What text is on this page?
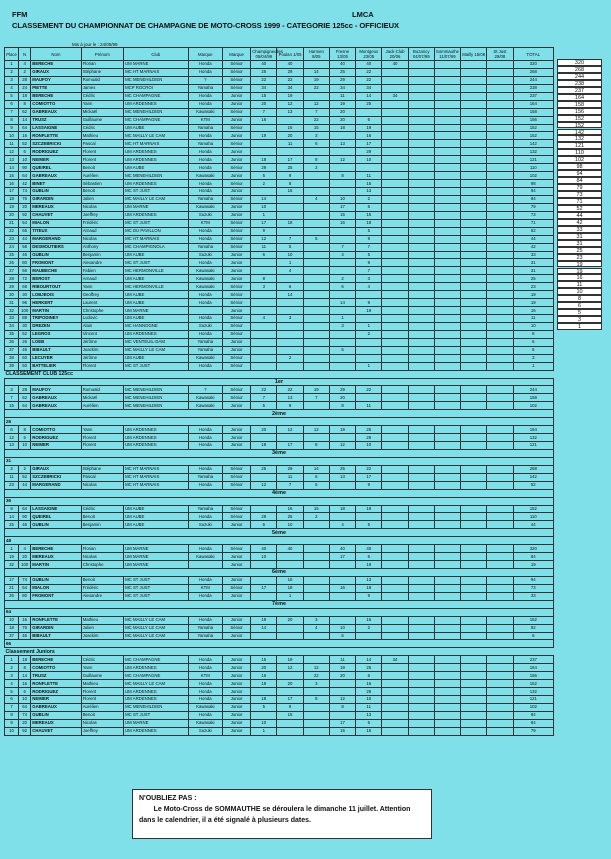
FFM	LMCA
CLASSEMENT DU CHAMPIONNAT DE CHAMPAGNE DE MOTO-CROSS 1999 - CATEGORIE 125cc - OFFICIEUX
Mis à jour le : 24/05/99
Place	N	Nom	Prénom	Club	Marque	Marque	Champigneulles 05/04/99	Poulan 1/05	Harmen 8/05	Fresne 13/05	Montgeux 23/05	Jack-Club 20/06	Buzancy 04/07/99	Sommauthe 11/07/99	Mailly 15/08	St Just 29/08	TOTAL
1	4	BERECHE	Florian	UM MARNE	Honda	Sénior	40	40		40	40	40					320
2	2	GIRAUX	Stéphane	MC HT MARNAIS	Honda	Sénior	25	29	14	25	22						268
3	28	MAUFOY	Romuald	MC MENEHILDIEN	?	Sénior	22	22	19	29	22						244
4	24	PIETTE	James	MCP ROCROI	Yamaha	Sénior	34	34	22	34	34						238
5	18	BERECHE	Cédric	MC CHAMPAGNE	Honda	Junior	15	19		11	14	34					237
6	8	COMIOTTO	Yann	UM ARDENNES	Honda	Junior	20	12	12	19	25						164
7	62	GABREAUX	Mickaël	MC MENEHILDIEN	Kawasaki	Sénior	7	13	7	20							158
8	14	TRUSZ	Guillaume	MC CHAMPAGNE	KTM	Junior	16		22	20	6						156
9	64	LASSAIGNE	Cédric	UM AUBE	Yamaha	Sénior		16	15	18	19						152
10	16	RONFLETTE	Mathieu	MC MAILLY LE CAM	Honda	Junior	19	20	3		16						152
11	52	SZCZEBRICKI	Pascal	MC HT MARNAIS	Yamaha	Sénior		11	6	13	17						142
12	6	RODRIGUEZ	Florent	UM ARDENNES	Honda	Junior					29						132
13	10	NEIMER	Florent	UM ARDENNES	Honda	Junior	18	17	8	12	10						121
14	90	QUEIREL	Benoit	UM AUBE	Honda	Sénior	29	25	2								110
15	64	GABREAUX	Aurélien	MC MENEHILDIEN	Kawasaki	Junior	5	9		8	11						102
16	42	BINET	Sébastien	UM ARDENNES	Honda	Sénior	2	8			15						98
17	74	GUBLIN	Benoit	MC ST JUST	Honda	Junior		15			13						94
18	76	GIRARDIN	Julien	MC MAILLY LE CAM	Yamaha	Sénior	14		4	10	2						84
19	20	MEREAUX	Nicolas	UM MARNE	Kawasaki	Junior	10			17	6						79
20	92	CHAUVET	Joeffrey	UM ARDENNES	Suzuki	Junior	1			15	15						73
21	54	MIALON	Frédéric	MC ST JUST	KTM	Sénior	17	18		16	18						71
22	66	TITEUX	Arnaud	MC DU PAVILLON	Honda	Sénior	9				5						52
23	44	MARGERAND	Nicolas	MC HT MARNAIS	Honda	Sénior	12	7	5		9						44
24	58	DESMOUTIERS	Anthony	MC CHAMPIGNOLA	Yamaha	Sénior	11	5		7	7						42
25	46	GUBLIN	Benjamin	UM AUBE	Suzuki	Junior	6	10		4	5						33
26	80	FROMONT	Alexandre	MC ST JUST	Honda	Junior		1			9						31
27	56	MAUBECHE	Fabien	MC HERMONVILLE	Kawasaki	Junior		4			7						31
28	72	BEROST	Arnaud	UM AUBE	Kawasaki	Junior	8			2	3						25
29	68	RIBOURTOUT	Yann	MC HERMONVILLE	Kawasaki	Sénior	3	6		6	4						23
30	30	LOBJEOIS	Geoffrey	UM AUBE	Honda	Sénior		14									19
31	96	HERKERT	Laurent	UM AUBE	Honda	Sénior				14	9						19
32	100	MARTIN	Christophe	UM MARNE		Junior					19						16
33	88	TRIPODINEY	Ludovic	UM AUBE	Honda	Sénior	4	3		1							11
34	30	DREZEN	Alain	MC HANNOGNE	Suzuki	Sénior				3	1						10
35	52	LEGROS	Vincent	UM ARDENNES	Honda	Sénior					2						8
36	26	LOEB	Jérôme	MC VENTEUIL-DAM	Yamaha	Junior											6
37	46	BIBAULT	Joackim	MC MAILLY LE CAM	Yamaha	Junior				5							5
38	60	LECUYER	Jérôme	UM AUBE	Kawasaki	Sénior		2									3
39	50	BATTELIER	Florent	MC ST JUST	Honda	Sénior					1						1
CLASSEMENT CLUB 125cc																	
1er																	
3	28	MAUFOY	Romuald	MC MENEHILDIEN	?	Sénior	22	22	19	29	22						244
7	62	GABREAUX	Mickaël	MC MENEHILDIEN	Kawasaki	Sénior	7	13	7	20							158
15	64	GABREAUX	Aurélien	MC MENEHILDIEN	Kawasaki	Junior	5	9		8	11						102
2ème																	
26																	
6	8	COMIOTTO	Yann	UM ARDENNES	Honda	Junior	20	12	12	19	25						164
12	6	RODRIGUEZ	Florent	UM ARDENNES	Honda	Junior					29						132
13	10	NEIMER	Florent	UM ARDENNES	Honda	Junior	18	17	8	12	10						121
3ème																	
31																	
2	2	GIRAUX	Stéphane	MC HT MARNAIS	Honda	Sénior	25	29	14	25	22						268
11	52	SZCZEBRICKI	Pascal	MC HT MARNAIS	Yamaha	Sénior		11	6	13	17						142
23	44	MARGERAND	Nicolas	MC HT MARNAIS	Honda	Sénior	12	7	5		9						52
4ème																	
36																	
9	64	LASSAIGNE	Cédric	UM AUBE	Yamaha	Sénior		16	15	18	19						152
14	90	QUEIREL	Benoit	UM AUBE	Honda	Sénior	29	25	2								110
25	46	GUBLIN	Benjamin	UM AUBE	Suzuki	Junior	6	10		4	5						44
5ème																	
48																	
1	4	BERECHE	Florian	UM MARNE	Honda	Sénior	40	40		40	40						320
19	20	MEREAUX	Nicolas	UM MARNE	Kawasaki	Junior	10			17	6						84
32	100	MARTIN	Christophe	UM MARNE		Junior					19						19
6ème																	
17	74	GUBLIN	Benoit	MC ST JUST	Honda	Junior		15			13						94
21	54	MIALON	Frédéric	MC ST JUST	KTM	Sénior	17	18		16	18						73
26	80	FROMONT	Alexandre	MC ST JUST	Honda	Junior		1			9						33
7ème																	
64																	
10	16	RONFLETTE	Mathieu	MC MAILLY LE CAM	Honda	Junior	19	20	3		16						152
18	76	GIRARDIN	Julien	MC MAILLY LE CAM	Yamaha	Sénior	14		4	10	2						92
37	46	BIBAULT	Joackim	MC MAILLY LE CAM	Yamaha	Junior				5							6
66																	
Classement Juniors																	
1	18	BERECHE	Cédric	MC CHAMPAGNE	Honda	Junior	15	19		11	14	34					237
2	8	COMIOTTO	Yann	UM ARDENNES	Honda	Junior	20	12	12	19	25						164
3	14	TRUSZ	Guillaume	MC CHAMPAGNE	KTM	Junior	16		22	20	6						156
4	16	RONFLETTE	Mathieu	MC MAILLY LE CAM	Honda	Junior	19	20	3		16						152
5	6	RODRIGUEZ	Florent	UM ARDENNES	Honda	Junior					29						132
6	10	NEIMER	Florent	UM ARDENNES	Honda	Junior	18	17	8	12	10						121
7	64	GABREAUX	Aurélien	MC MENEHILDIEN	Kawasaki	Junior	5	9		8	11						102
8	74	GUBLIN	Benoit	MC ST JUST	Honda	Junior		15			13						94
9	20	MEREAUX	Nicolas	UM MARNE	Kawasaki	Junior	10			17	6						84
10	92	CHAUVET	Joeffrey	UM ARDENNES	Suzuki	Junior	1			15	15						79
320
268
244
238
237
164
158
156
152
152
142
132
121
110
102
98
94
84
79
73
71
52
44
42
33
31
31
25
23
19
19
16
11
10
8
6
5
3
1
N'OUBLIEZ PAS :
Le Moto-Cross de SOMMAUTHE se déroulera le dimanche 11 juillet. Attention
dans le calendrier, il a été signalé à plusieurs dates.
